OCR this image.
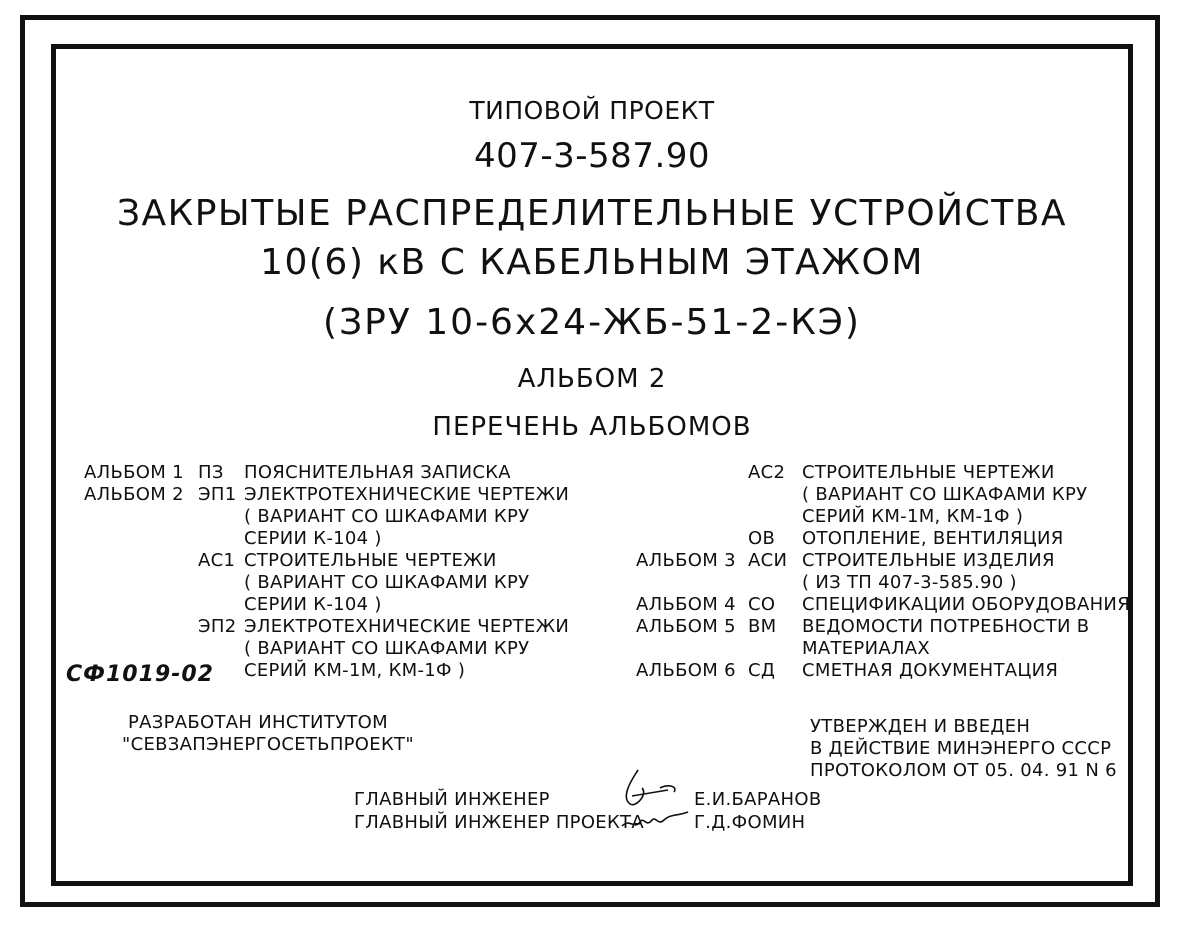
ТИПОВОЙ ПРОЕКТ
407-3-587.90
ЗАКРЫТЫЕ РАСПРЕДЕЛИТЕЛЬНЫЕ УСТРОЙСТВА
10(6) кВ С КАБЕЛЬНЫМ ЭТАЖОМ
(ЗРУ 10-6х24-ЖБ-51-2-КЭ)
АЛЬБОМ 2
ПЕРЕЧЕНЬ АЛЬБОМОВ
АЛЬБОМ 1 ПЗ ПОЯСНИТЕЛЬНАЯ ЗАПИСКА
АЛЬБОМ 2 ЭП1 ЭЛЕКТРОТЕХНИЧЕСКИЕ ЧЕРТЕЖИ
( ВАРИАНТ СО ШКАФАМИ КРУ
СЕРИИ К-104 )
АС1 СТРОИТЕЛЬНЫЕ ЧЕРТЕЖИ
( ВАРИАНТ СО ШКАФАМИ КРУ
СЕРИИ К-104 )
ЭП2 ЭЛЕКТРОТЕХНИЧЕСКИЕ ЧЕРТЕЖИ
( ВАРИАНТ СО ШКАФАМИ КРУ
СЕРИЙ КМ-1М, КМ-1Ф )
АС2 СТРОИТЕЛЬНЫЕ ЧЕРТЕЖИ
( ВАРИАНТ СО ШКАФАМИ КРУ
СЕРИЙ КМ-1М, КМ-1Ф )
ОВ ОТОПЛЕНИЕ, ВЕНТИЛЯЦИЯ
АЛЬБОМ 3 АСИ СТРОИТЕЛЬНЫЕ ИЗДЕЛИЯ
( ИЗ ТП 407-3-585.90 )
АЛЬБОМ 4 СО СПЕЦИФИКАЦИИ ОБОРУДОВАНИЯ
АЛЬБОМ 5 ВМ ВЕДОМОСТИ ПОТРЕБНОСТИ В
МАТЕРИАЛАХ
АЛЬБОМ 6 СД СМЕТНАЯ ДОКУМЕНТАЦИЯ
СФ1019-02
РАЗРАБОТАН ИНСТИТУТОМ
"СЕВЗАПЭНЕРГОСЕТЬПРОЕКТ"
УТВЕРЖДЕН И ВВЕДЕН
В ДЕЙСТВИЕ МИНЭНЕРГО СССР
ПРОТОКОЛОМ ОТ 05. 04. 91 N 6
ГЛАВНЫЙ ИНЖЕНЕР	Е.И.БАРАНОВ
ГЛАВНЫЙ ИНЖЕНЕР ПРОЕКТА	Г.Д.ФОМИН
